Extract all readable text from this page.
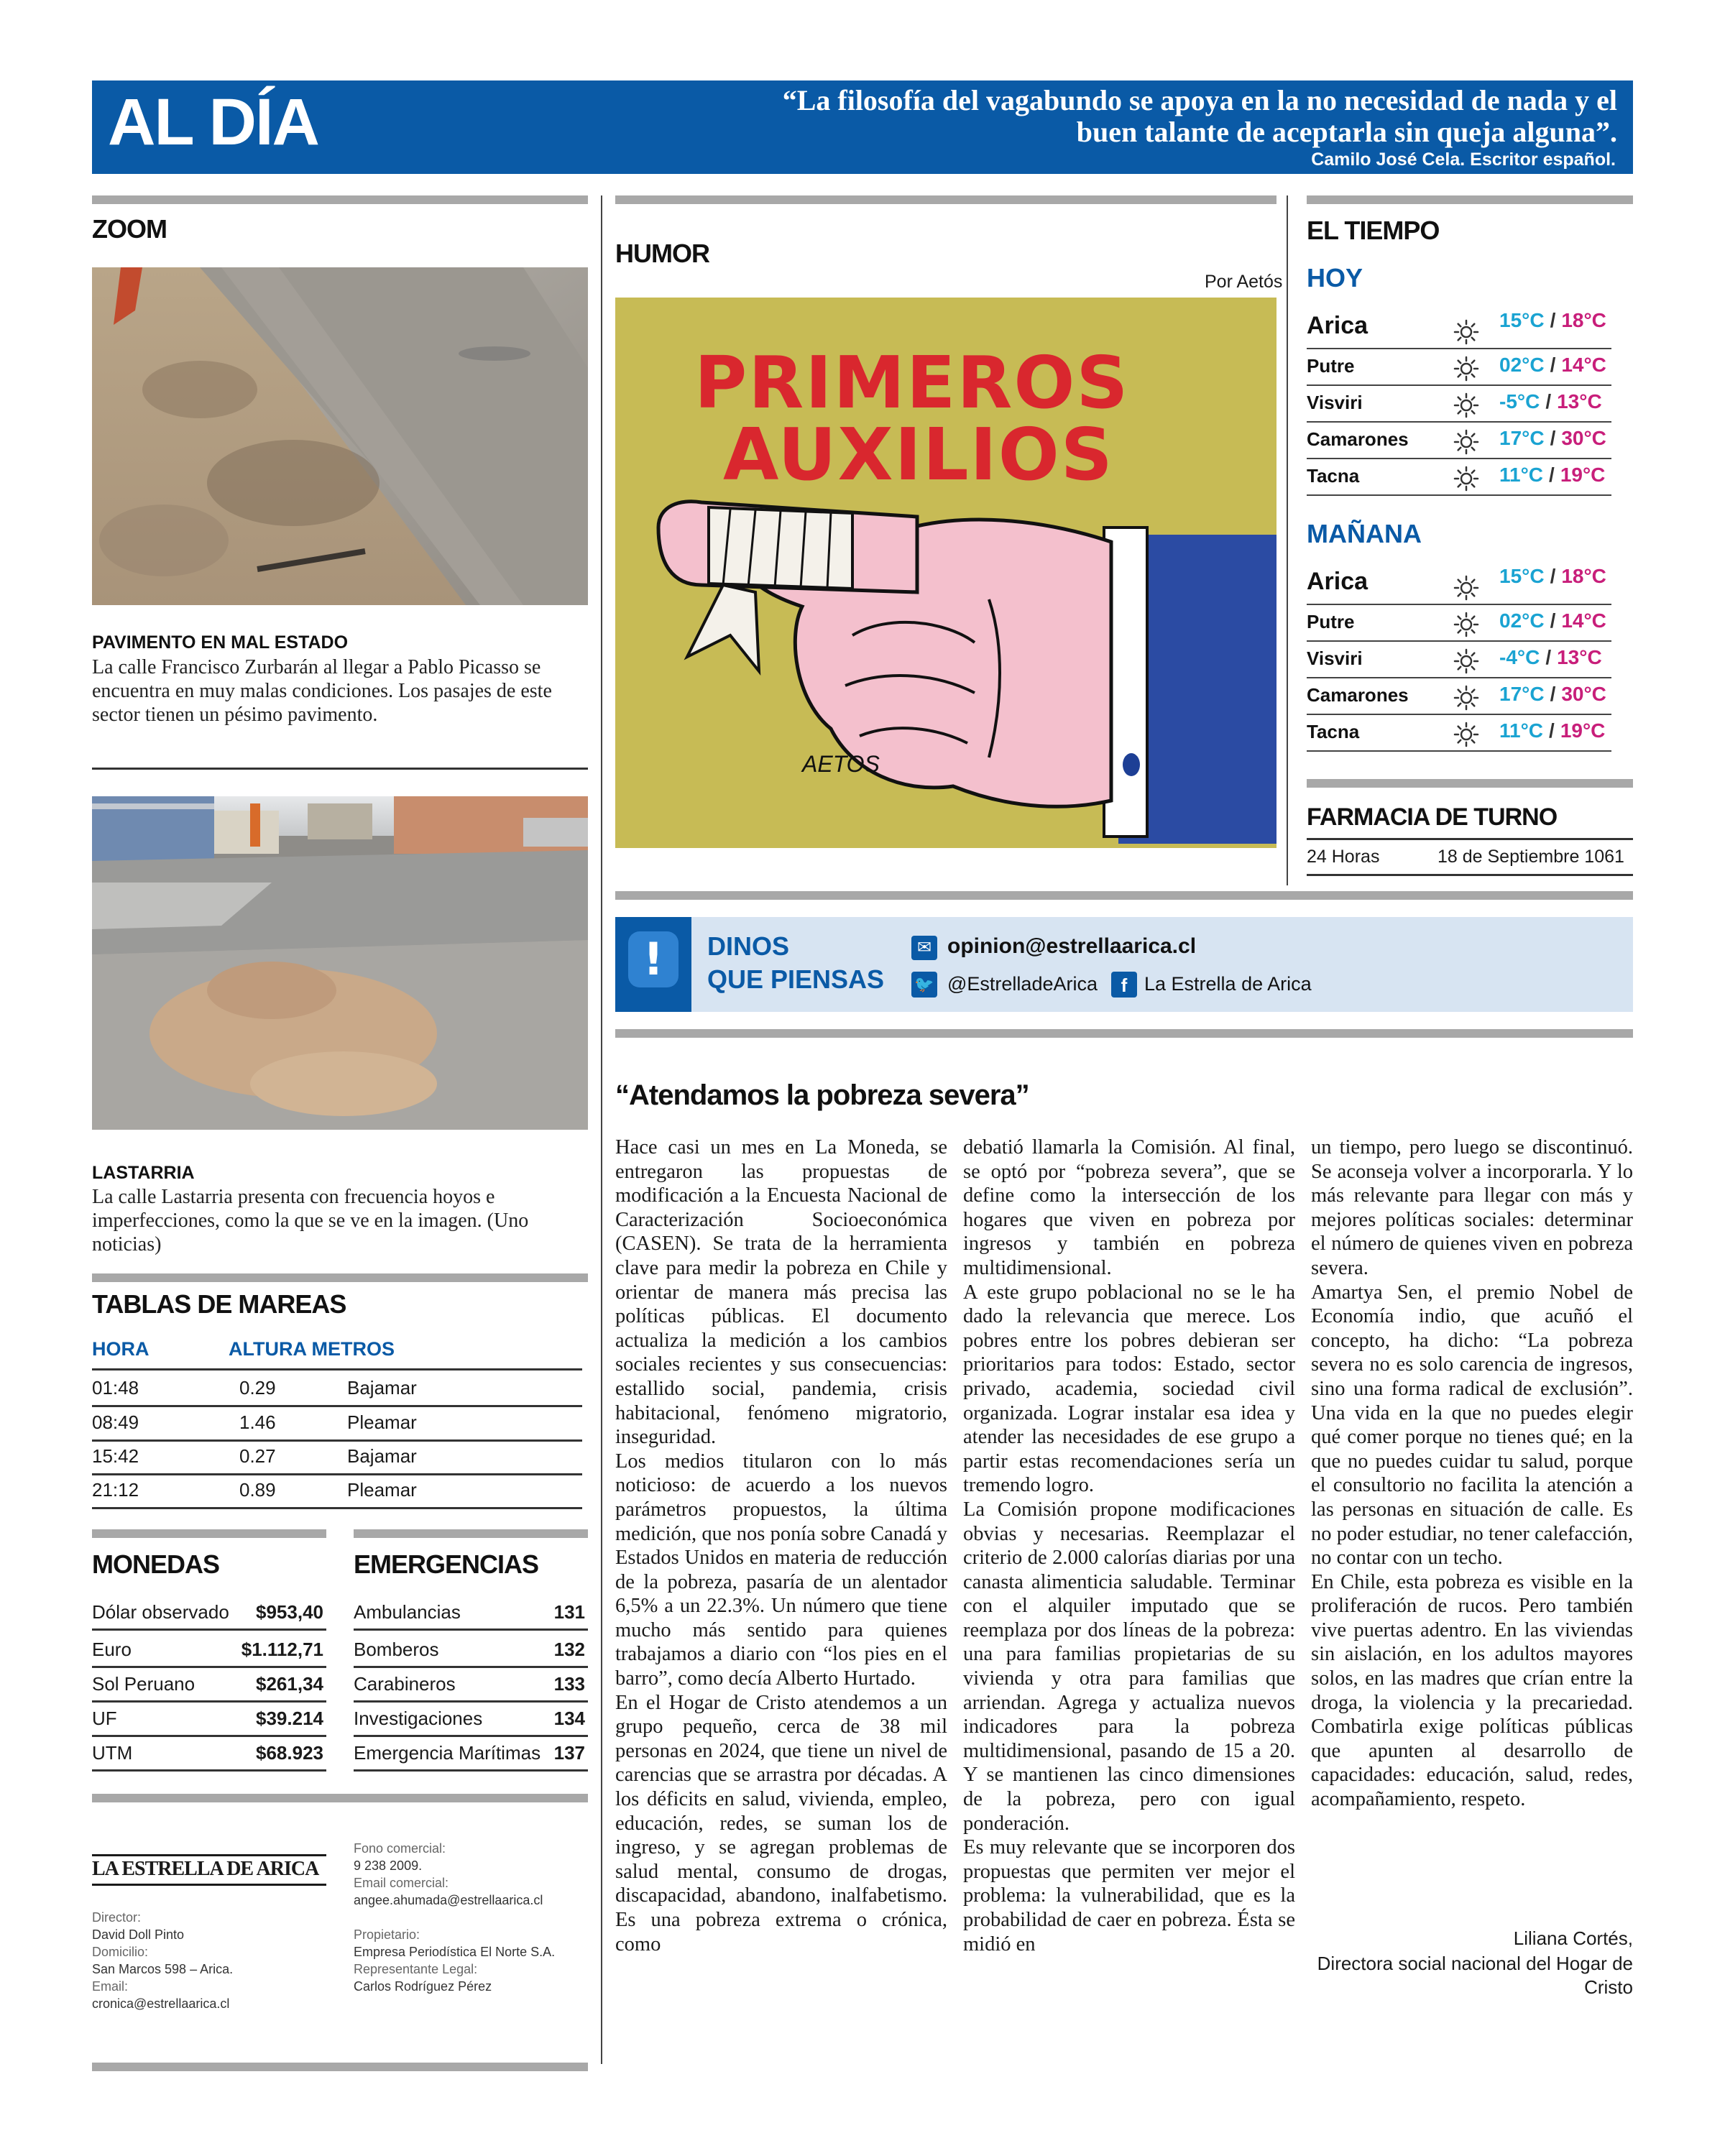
AL DÍA	“La filosofía del vagabundo se apoya en la no necesidad de nada y el buen talante de aceptarla sin queja alguna”.
Camilo José Cela. Escritor español.
ZOOM
PAVIMENTO EN MAL ESTADO
La calle Francisco Zurbarán al llegar a Pablo Picasso se encuentra en muy malas condiciones. Los pasajes de este sector tienen un pésimo pavimento.
LASTARRIA
La calle Lastarria presenta con frecuencia hoyos e imperfecciones, como la que se ve en la imagen. (Uno noticias)
TABLAS DE MAREAS
HORA	ALTURA METROS
01:48	0.29	Bajamar
08:49	1.46	Pleamar
15:42	0.27	Bajamar
21:12	0.89	Pleamar
MONEDAS	EMERGENCIAS
Dólar observado $953,40
Euro	$1.112,71
Sol Peruano	$261,34
UF	$39.214
UTM	$68.923
Ambulancias	131
Bomberos	132
Carabineros	133
Investigaciones	134
Emergencia Marítimas 137
LA ESTRELLA DE ARICA
Director:
David Doll Pinto
Domicilio:
San Marcos 598 – Arica.
Email:
cronica@estrellaarica.cl
Fono comercial:
9 238 2009.
Email comercial:
angee.ahumada@estrellaarica.cl
Propietario:
Empresa Periodística El Norte S.A.
Representante Legal:
Carlos Rodríguez Pérez
HUMOR
Por Aetós
AETOS
PRIMEROS
AUXILIOS
EL TIEMPO
HOY
Arica	15°C / 18°C
Putre	02°C / 14°C
Visviri	-5°C / 13°C
Camarones	17°C / 30°C
Tacna	11°C / 19°C
MAÑANA
Arica	15°C / 18°C
Putre	02°C / 14°C
Visviri	-4°C / 13°C
Camarones	17°C / 30°C
Tacna	11°C / 19°C
FARMACIA DE TURNO
24 Horas	18 de Septiembre 1061
!	DINOS
QUE PIENSAS
✉ opinion@estrellaarica.cl
🐦 @EstrelladeArica	f La Estrella de Arica
“Atendamos la pobreza severa”

Hace casi un mes en La Moneda, se entregaron las propuestas de modificación a la Encuesta Nacional de Caracterización Socioeconómica (CASEN). Se trata de la herramienta clave para medir la pobreza en Chile y orientar de manera más precisa las políticas públicas. El documento actualiza la medición a los cambios sociales recientes y sus consecuencias: estallido social, pandemia, crisis habitacional, fenómeno migratorio, inseguridad.

Los medios titularon con lo más noticioso: de acuerdo a los nuevos parámetros propuestos, la última medición, que nos ponía sobre Canadá y Estados Unidos en materia de reducción de la pobreza, pasaría de un alentador 6,5% a un 22.3%. Un número que tiene mucho más sentido para quienes trabajamos a diario con “los pies en el barro”, como decía Alberto Hurtado.

En el Hogar de Cristo atendemos a un grupo pequeño, cerca de 38 mil personas en 2024, que tiene un nivel de carencias que se arrastra por décadas. A los déficits en salud, vivienda, empleo, educación, redes, se suman los de ingreso, y se agregan problemas de salud mental, consumo de drogas, discapacidad, abandono, inalfabetismo. Es una pobreza extrema o crónica, como

debatió llamarla la Comisión. Al final, se optó por “pobreza severa”, que se define como la intersección de los hogares que viven en pobreza por ingresos y también en pobreza multidimensional.

A este grupo poblacional no se le ha dado la relevancia que merece. Los pobres entre los pobres debieran ser prioritarios para todos: Estado, sector privado, academia, sociedad civil organizada. Lograr instalar esa idea y atender las necesidades de ese grupo a partir estas recomendaciones sería un tremendo logro.

La Comisión propone modificaciones obvias y necesarias. Reemplazar el criterio de 2.000 calorías diarias por una canasta alimenticia saludable. Terminar con el alquiler imputado que se reemplaza por dos líneas de la pobreza: una para familias propietarias de su vivienda y otra para familias que arriendan. Agrega y actualiza nuevos indicadores para la pobreza multidimensional, pasando de 15 a 20. Y se mantienen las cinco dimensiones de la pobreza, pero con igual ponderación.

Es muy relevante que se incorporen dos propuestas que permiten ver mejor el problema: la vulnerabilidad, que es la probabilidad de caer en pobreza. Ésta se midió en

un tiempo, pero luego se discontinuó. Se aconseja volver a incorporarla. Y lo más relevante para llegar con más y mejores políticas sociales: determinar el número de quienes viven en pobreza severa.

Amartya Sen, el premio Nobel de Economía indio, que acuñó el concepto, ha dicho: “La pobreza severa no es solo carencia de ingresos, sino una forma radical de exclusión”. Una vida en la que no puedes elegir qué comer porque no tienes qué; en la que no puedes cuidar tu salud, porque el consultorio no facilita la atención a las personas en situación de calle. Es no poder estudiar, no tener calefacción, no contar con un techo.

En Chile, esta pobreza es visible en la proliferación de rucos. Pero también vive puertas adentro. En las viviendas sin aislación, en los adultos mayores solos, en las madres que crían entre la droga, la violencia y la precariedad. Combatirla exige políticas públicas que apunten al desarrollo de capacidades: educación, salud, redes, acompañamiento, respeto.

Liliana Cortés,
Directora social nacional del Hogar de Cristo
